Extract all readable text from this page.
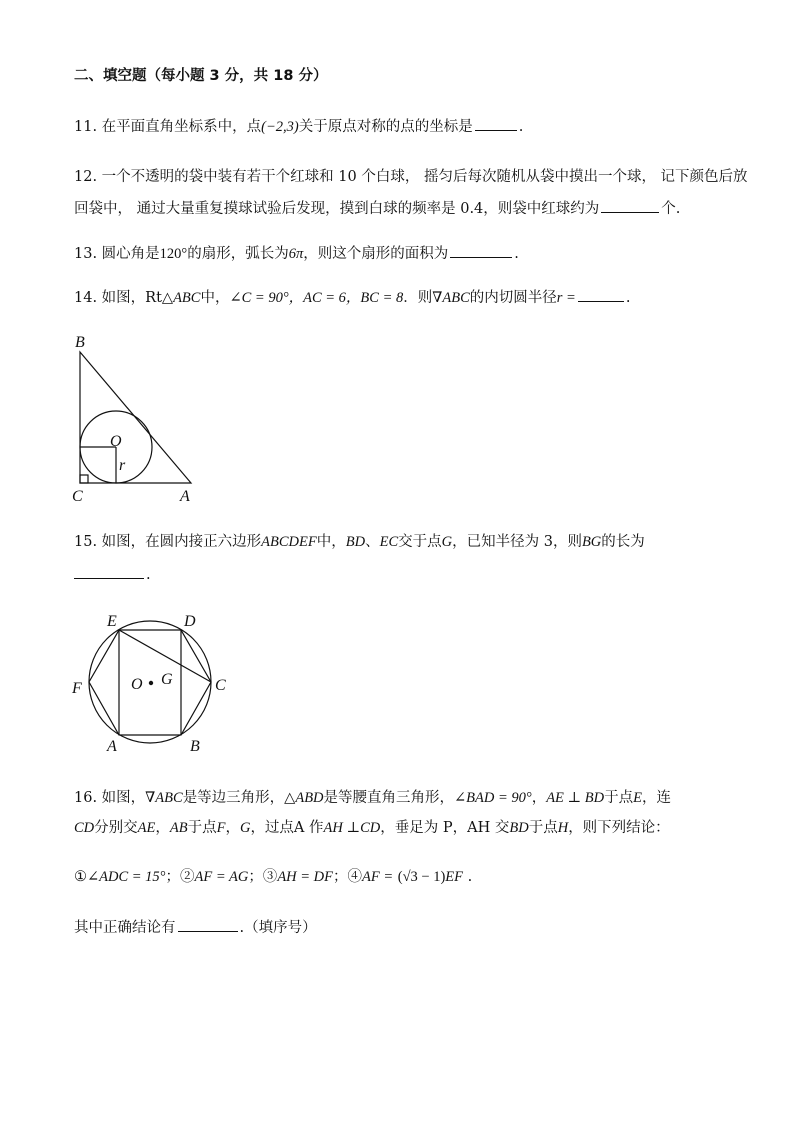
二、填空题（每小题 3 分，共 18 分）
11. 在平面直角坐标系中，点(−2,3)关于原点对称的点的坐标是	.
12. 一个不透明的袋中装有若干个红球和 10 个白球， 摇匀后每次随机从袋中摸出一个球， 记下颜色后放
回袋中， 通过大量重复摸球试验后发现，摸到白球的频率是 0.4，则袋中红球约为	个.
13. 圆心角是120°的扇形，弧长为6π，则这个扇形的面积为	.
14. 如图，Rt△ABC中，∠C = 90°，AC = 6，BC = 8．则∇ABC的内切圆半径r =	.
B
C	A
O
r
15. 如图，在圆内接正六边形ABCDEF中，BD、EC交于点G，已知半径为 3，则BG的长为
.
E	D
F	C
A	B
O G
16. 如图，∇ABC是等边三角形，△ABD是等腰直角三角形，∠BAD = 90°，AE ⊥ BD于点E，连
CD分别交AE，AB于点F，G，过点A 作AH ⊥CD，垂足为 P，AH 交BD于点H，则下列结论：
①∠ADC = 15°；②AF = AG；③AH = DF；④AF = (√3 − 1)EF .
其中正确结论有	.（填序号）
